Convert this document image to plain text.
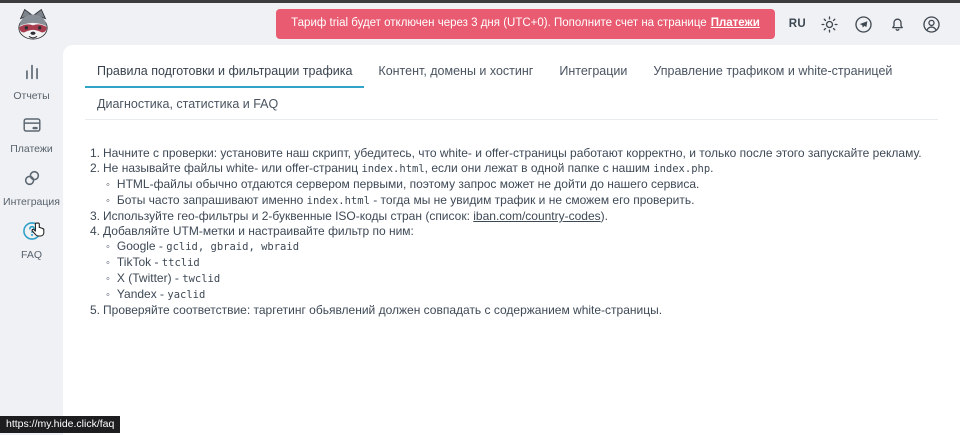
Тариф trial будет отключен через 3 дня (UTC+0). Пополните счет на странице Платежи	RU
Отчеты
Платежи
Интеграция
FAQ
Правила подготовки и фильтрации трафика	Контент, домены и хостинг	Интеграции	Управление трафиком и white-страницей
Диагностика, статистика и FAQ
1. Начните с проверки: установите наш скрипт, убедитесь, что white- и offer-страницы работают корректно, и только после этого запускайте рекламу.
2. Не называйте файлы white- или offer-страниц index.html, если они лежат в одной папке с нашим index.php.
◦ HTML-файлы обычно отдаются сервером первыми, поэтому запрос может не дойти до нашего сервиса.
◦ Боты часто запрашивают именно index.html - тогда мы не увидим трафик и не сможем его проверить.
3. Используйте гео-фильтры и 2-буквенные ISO-коды стран (список: iban.com/country-codes).
4. Добавляйте UTM-метки и настраивайте фильтр по ним:
◦ Google - gclid, gbraid, wbraid
◦ TikTok - ttclid
◦ X (Twitter) - twclid
◦ Yandex - yaclid
5. Проверяйте соответствие: таргетинг обьявлений должен совпадать с содержанием white-страницы.
https://my.hide.click/faq
